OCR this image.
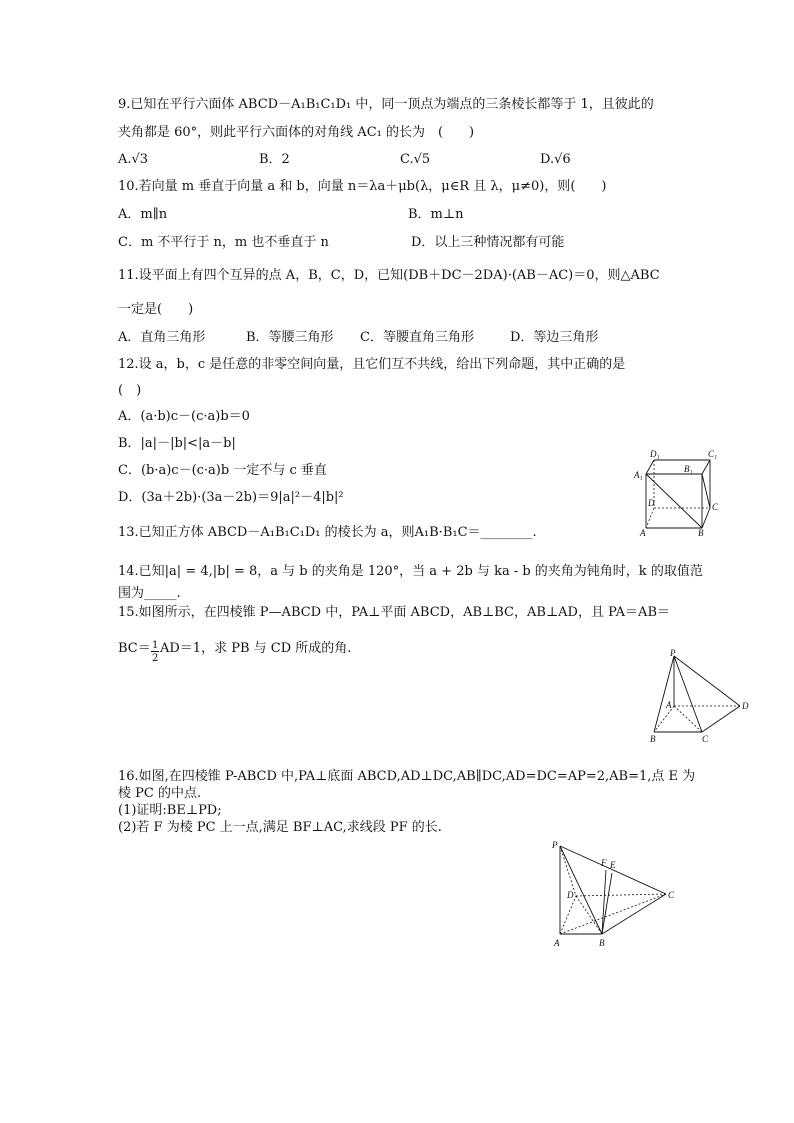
9.已知在平行六面体 ABCD－A₁B₁C₁D₁ 中，同一顶点为端点的三条棱长都等于 1，且彼此的
夹角都是 60°，则此平行六面体的对角线 AC₁ 的长为　(　　)
A.√3	B．2	C.√5	D.√6
10.若向量 m 垂直于向量 a 和 b，向量 n＝λa＋μb(λ，μ∈R 且 λ，μ≠0)，则(　　)
A．m∥n	B．m⊥n
C．m 不平行于 n，m 也不垂直于 n	D．以上三种情况都有可能
11.设平面上有四个互异的点 A，B，C，D，已知(DB＋DC－2DA)·(AB－AC)＝0，则△ABC
一定是(　　)
A．直角三角形	B．等腰三角形 C．等腰直角三角形	D．等边三角形
12.设 a，b，c 是任意的非零空间向量，且它们互不共线，给出下列命题，其中正确的是
(　)
A．(a·b)c－(c·a)b＝0
B．|a|－|b|<|a－b|
C．(b·a)c－(c·a)b 一定不与 c 垂直
D．(3a＋2b)·(3a－2b)＝9|a|²－4|b|²
D₁	C₁
A₁
B₁
D	C
A	B
13.已知正方体 ABCD－A₁B₁C₁D₁ 的棱长为 a，则A₁B·B₁C＝________.
14.已知|a| = 4,|b| = 8，a 与 b 的夹角是 120°，当 a + 2b 与 ka - b 的夹角为钝角时，k 的取值范
围为_____.
15.如图所示，在四棱锥 P—ABCD 中，PA⊥平面 ABCD，AB⊥BC，AB⊥AD，且 PA＝AB＝
1
2
BC＝ AD＝1，求 PB 与 CD 所成的角.	P
A	D
B	C
16.如图,在四棱锥 P-ABCD 中,PA⊥底面 ABCD,AD⊥DC,AB∥DC,AD=DC=AP=2,AB=1,点 E 为
棱 PC 的中点.
(1)证明:BE⊥PD;
(2)若 F 为棱 PC 上一点,满足 BF⊥AC,求线段 PF 的长.
P
F E
D	C
A	B
